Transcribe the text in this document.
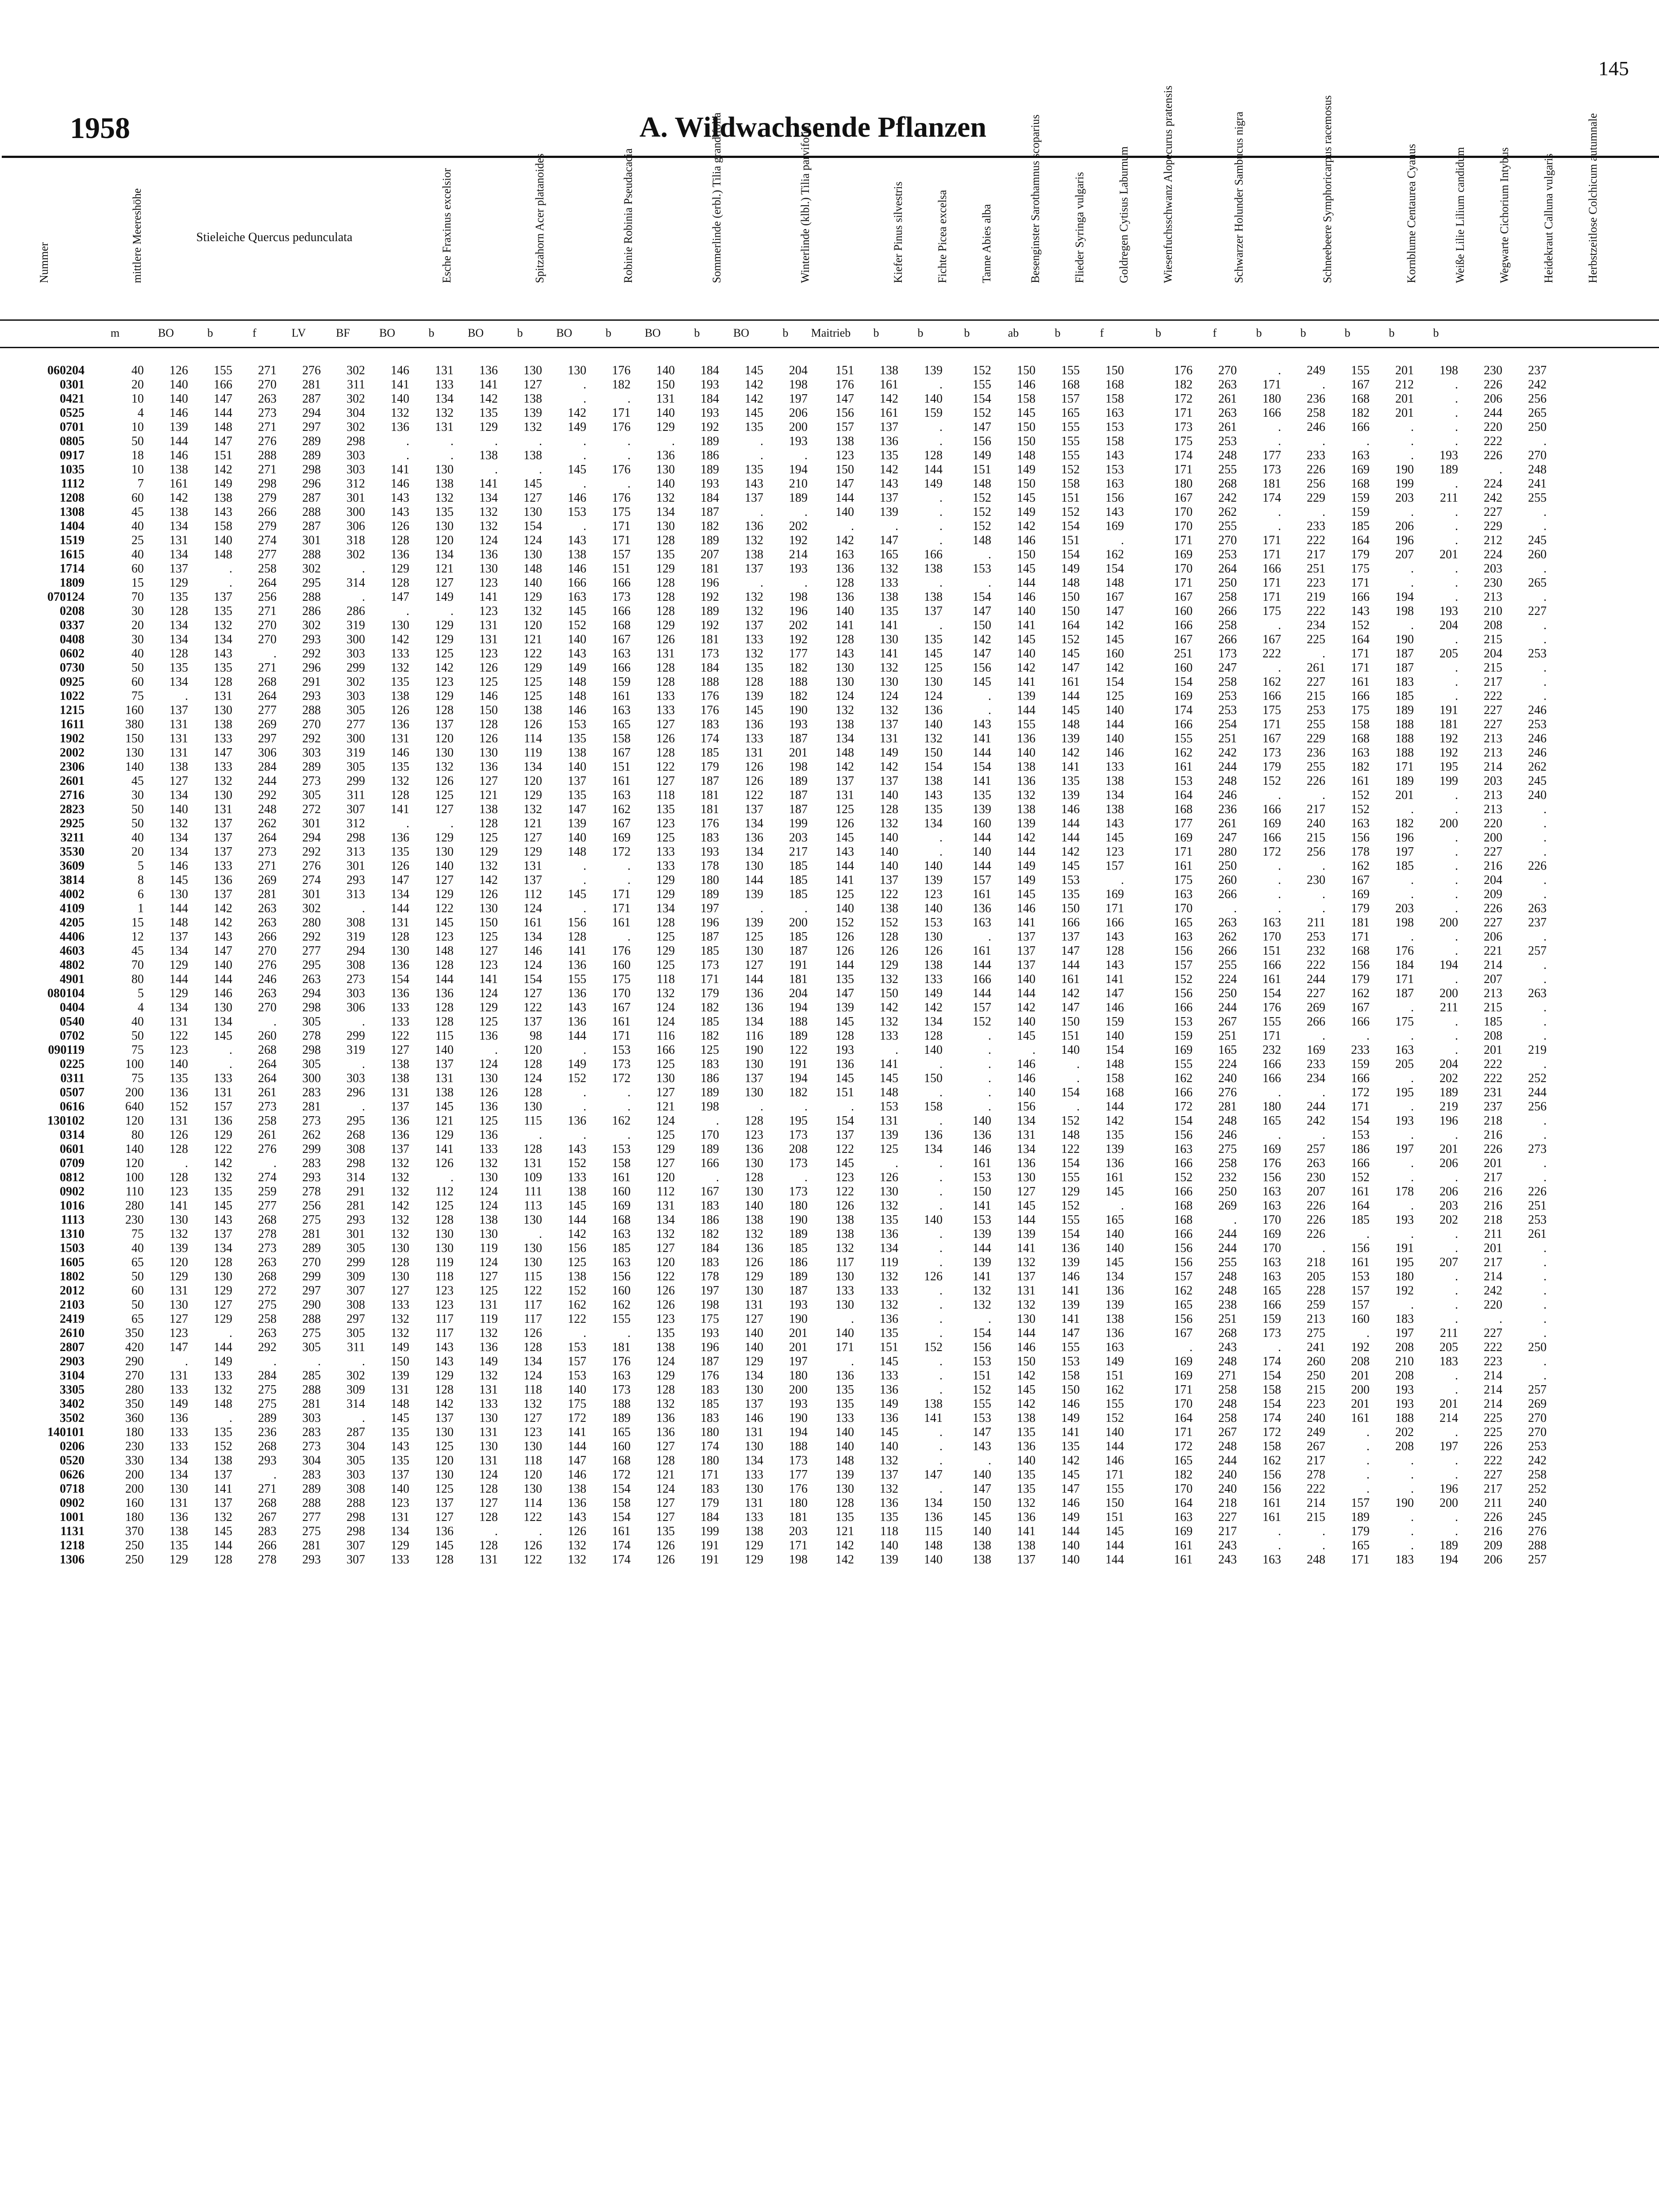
145
1958	A. Wildwachsende Pflanzen
Nummer	mittlere Meereshöhe	Stieleiche Quercus pedunculata	Esche Fraxinus excelsior	Spitzahorn Acer platanoides	Robinie Robinia Pseudacacia	Sommerlinde (erbl.) Tilia grandifolia	Winterlinde (klbl.) Tilia parvifolia	Kiefer Pinus silvestris	Fichte Picea excelsa	Tanne Abies alba	Besenginster Sarothamnus scoparius	Flieder Syringa vulgaris	Goldregen Cytisus Laburnum	Wiesenfuchsschwanz Alopecurus pratensis	Schwarzer Holunder Sambucus nigra	Schneebeere Symphoricarpus racemosus	Kornblume Centaurea Cyanus	Weiße Lilie Lilium candidum	Wegwarte Cichorium Intybus	Heidekraut Calluna vulgaris	Herbstzeitlose Colchicum autumnale
m	BO	b	f	LV	BF	BO	b	BO	b	BO	b	BO	b	BO	b	Maitrieb	b	b	b	ab	b	f	b	f	b	b	b	b	b
060204	40	126	155	271	276	302	146	131	136	130	130	176	140	184	145	204	151	138	139	152	150	155	150	176	270	.	249	155	201	198	230	237
0301	20	140	166	270	281	311	141	133	141	127	.	182	150	193	142	198	176	161	.	155	146	168	168	182	263	171	.	167	212	.	226	242
0421	10	140	147	263	287	302	140	134	142	138	.	.	131	184	142	197	147	142	140	154	158	157	158	172	261	180	236	168	201	.	206	256
0525	4	146	144	273	294	304	132	132	135	139	142	171	140	193	145	206	156	161	159	152	145	165	163	171	263	166	258	182	201	.	244	265
0701	10	139	148	271	297	302	136	131	129	132	149	176	129	192	135	200	157	137	.	147	150	155	153	173	261	.	246	166	.	.	220	250
0805	50	144	147	276	289	298	.	.	.	.	.	.	.	189	.	193	138	136	.	156	150	155	158	175	253	.	.	.	.	.	222	.
0917	18	146	151	288	289	303	.	.	138	138	.	.	136	186	.	.	123	135	128	149	148	155	143	174	248	177	233	163	.	193	226	270
1035	10	138	142	271	298	303	141	130	.	.	145	176	130	189	135	194	150	142	144	151	149	152	153	171	255	173	226	169	190	189	.	248
1112	7	161	149	298	296	312	146	138	141	145	.	.	140	193	143	210	147	143	149	148	150	158	163	180	268	181	256	168	199	.	224	241
1208	60	142	138	279	287	301	143	132	134	127	146	176	132	184	137	189	144	137	.	152	145	151	156	167	242	174	229	159	203	211	242	255
1308	45	138	143	266	288	300	143	135	132	130	153	175	134	187	.	.	140	139	.	152	149	152	143	170	262	.	.	159	.	.	227	.
1404	40	134	158	279	287	306	126	130	132	154	.	171	130	182	136	202	.	.	.	152	142	154	169	170	255	.	233	185	206	.	229	.
1519	25	131	140	274	301	318	128	120	124	124	143	171	128	189	132	192	142	147	.	148	146	151	.	171	270	171	222	164	196	.	212	245
1615	40	134	148	277	288	302	136	134	136	130	138	157	135	207	138	214	163	165	166	.	150	154	162	169	253	171	217	179	207	201	224	260
1714	60	137	.	258	302	.	129	121	130	148	146	151	129	181	137	193	136	132	138	153	145	149	154	170	264	166	251	175	.	.	203	.
1809	15	129	.	264	295	314	128	127	123	140	166	166	128	196	.	.	128	133	.	.	144	148	148	171	250	171	223	171	.	.	230	265
070124	70	135	137	256	288	.	147	149	141	129	163	173	128	192	132	198	136	138	138	154	146	150	167	167	258	171	219	166	194	.	213	.
0208	30	128	135	271	286	286	.	.	123	132	145	166	128	189	132	196	140	135	137	147	140	150	147	160	266	175	222	143	198	193	210	227
0337	20	134	132	270	302	319	130	129	131	120	152	168	129	192	137	202	141	141	.	150	141	164	142	166	258	.	234	152	.	204	208	.
0408	30	134	134	270	293	300	142	129	131	121	140	167	126	181	133	192	128	130	135	142	145	152	145	167	266	167	225	164	190	.	215	.
0602	40	128	143	.	292	303	133	125	123	122	143	163	131	173	132	177	143	141	145	147	140	145	160	251	173	222	.	171	187	205	204	253
0730	50	135	135	271	296	299	132	142	126	129	149	166	128	184	135	182	130	132	125	156	142	147	142	160	247	.	261	171	187	.	215	.
0925	60	134	128	268	291	302	135	123	125	125	148	159	128	188	128	188	130	130	130	145	141	161	154	154	258	162	227	161	183	.	217	.
1022	75	.	131	264	293	303	138	129	146	125	148	161	133	176	139	182	124	124	124	.	139	144	125	169	253	166	215	166	185	.	222	.
1215	160	137	130	277	288	305	126	128	150	138	146	163	133	176	145	190	132	132	136	.	144	145	140	174	253	175	253	175	189	191	227	246
1611	380	131	138	269	270	277	136	137	128	126	153	165	127	183	136	193	138	137	140	143	155	148	144	166	254	171	255	158	188	181	227	253
1902	150	131	133	297	292	300	131	120	126	114	135	158	126	174	133	187	134	131	132	141	136	139	140	155	251	167	229	168	188	192	213	246
2002	130	131	147	306	303	319	146	130	130	119	138	167	128	185	131	201	148	149	150	144	140	142	146	162	242	173	236	163	188	192	213	246
2306	140	138	133	284	289	305	135	132	136	134	140	151	122	179	126	198	142	142	154	154	138	141	133	161	244	179	255	182	171	195	214	262
2601	45	127	132	244	273	299	132	126	127	120	137	161	127	187	126	189	137	137	138	141	136	135	138	153	248	152	226	161	189	199	203	245
2716	30	134	130	292	305	311	128	125	121	129	135	163	118	181	122	187	131	140	143	135	132	139	134	164	246	.	.	152	201	.	213	240
2823	50	140	131	248	272	307	141	127	138	132	147	162	135	181	137	187	125	128	135	139	138	146	138	168	236	166	217	152	.	.	213	.
2925	50	132	137	262	301	312	.	.	128	121	139	167	123	176	134	199	126	132	134	160	139	144	143	177	261	169	240	163	182	200	220	.
3211	40	134	137	264	294	298	136	129	125	127	140	169	125	183	136	203	145	140	.	144	142	144	145	169	247	166	215	156	196	.	200	.
3530	20	134	137	273	292	313	135	130	129	129	148	172	133	193	134	217	143	140	.	140	144	142	123	171	280	172	256	178	197	.	227	.
3609	5	146	133	271	276	301	126	140	132	131	.	.	133	178	130	185	144	140	140	144	149	145	157	161	250	.	.	162	185	.	216	226
3814	8	145	136	269	274	293	147	127	142	137	.	.	129	180	144	185	141	137	139	157	149	153	.	175	260	.	230	167	.	.	204	.
4002	6	130	137	281	301	313	134	129	126	112	145	171	129	189	139	185	125	122	123	161	145	135	169	163	266	.	.	169	.	.	209	.
4109	1	144	142	263	302	.	144	122	130	124	.	171	134	197	.	.	140	138	140	136	146	150	171	170	.	.	.	179	203	.	226	263
4205	15	148	142	263	280	308	131	145	150	161	156	161	128	196	139	200	152	152	153	163	141	166	166	165	263	163	211	181	198	200	227	237
4406	12	137	143	266	292	319	128	123	125	134	128	.	125	187	125	185	126	128	130	.	137	137	143	163	262	170	253	171	.	.	206	.
4603	45	134	147	270	277	294	130	148	127	146	141	176	129	185	130	187	126	126	126	161	137	147	128	156	266	151	232	168	176	.	221	257
4802	70	129	140	276	295	308	136	128	123	124	136	160	125	173	127	191	144	129	138	144	137	144	143	157	255	166	222	156	184	194	214	.
4901	80	144	144	246	263	273	154	144	141	154	155	175	118	171	144	181	135	132	133	166	140	161	141	152	224	161	244	179	171	.	207	.
080104	5	129	146	263	294	303	136	136	124	127	136	170	132	179	136	204	147	150	149	144	144	142	147	156	250	154	227	162	187	200	213	263
0404	4	134	130	270	298	306	133	128	129	122	143	167	124	182	136	194	139	142	142	157	142	147	146	166	244	176	269	167	.	211	215	.
0540	40	131	134	.	305	.	133	128	125	137	136	161	124	185	134	188	145	132	134	152	140	150	159	153	267	155	266	166	175	.	185	.
0702	50	122	145	260	278	299	122	115	136	98	144	171	116	182	116	189	128	133	128	.	145	151	140	159	251	171	.	.	.	.	208	.
090119	75	123	.	268	298	319	127	140	.	120	.	153	166	125	190	122	193	.	140	.	.	140	154	169	165	232	169	233	163	.	201	219
0225	100	140	.	264	305	.	138	137	124	128	149	173	125	183	130	191	136	141	.	.	146	.	148	155	224	166	233	159	205	204	222	.
0311	75	135	133	264	300	303	138	131	130	124	152	172	130	186	137	194	145	145	150	.	146	.	158	162	240	166	234	166	.	202	222	252
0507	200	136	131	261	283	296	131	138	126	128	.	.	127	189	130	182	151	148	.	.	140	154	168	166	276	.	.	172	195	189	231	244
0616	640	152	157	273	281	.	137	145	136	130	.	.	121	198	.	.	.	153	158	.	156	.	144	172	281	180	244	171	.	219	237	256
130102	120	131	136	258	273	295	136	121	125	115	136	162	124	.	128	195	154	131	.	140	134	152	142	154	248	165	242	154	193	196	218	.
0314	80	126	129	261	262	268	136	129	136	.	.	.	125	170	123	173	137	139	136	136	131	148	135	156	246	.	.	153	.	.	216	.
0601	140	128	122	276	299	308	137	141	133	128	143	153	129	189	136	208	122	125	134	146	134	122	139	163	275	169	257	186	197	201	226	273
0709	120	.	142	.	283	298	132	126	132	131	152	158	127	166	130	173	145	.	.	161	136	154	136	166	258	176	263	166	.	206	201	.
0812	100	128	132	274	293	314	132	.	130	109	133	161	120	.	128	.	123	126	.	153	130	155	161	152	232	156	230	152	.	.	217	.
0902	110	123	135	259	278	291	132	112	124	111	138	160	112	167	130	173	122	130	.	150	127	129	145	166	250	163	207	161	178	206	216	226
1016	280	141	145	277	256	281	142	125	124	113	145	169	131	183	140	180	126	132	.	141	145	152	.	168	269	163	226	164	.	203	216	251
1113	230	130	143	268	275	293	132	128	138	130	144	168	134	186	138	190	138	135	140	153	144	155	165	168	.	170	226	185	193	202	218	253
1310	75	132	137	278	281	301	132	130	130	.	142	163	132	182	132	189	138	136	.	139	139	154	140	166	244	169	226	.	.	.	211	261
1503	40	139	134	273	289	305	130	130	119	130	156	185	127	184	136	185	132	134	.	144	141	136	140	156	244	170	.	156	191	.	201	.
1605	65	120	128	263	270	299	128	119	124	130	125	163	120	183	126	186	117	119	.	139	132	139	145	156	255	163	218	161	195	207	217	.
1802	50	129	130	268	299	309	130	118	127	115	138	156	122	178	129	189	130	132	126	141	137	146	134	157	248	163	205	153	180	.	214	.
2012	60	131	129	272	297	307	127	123	125	122	152	160	126	197	130	187	133	133	.	132	131	141	136	162	248	165	228	157	192	.	242	.
2103	50	130	127	275	290	308	133	123	131	117	162	162	126	198	131	193	130	132	.	132	132	139	139	165	238	166	259	157	.	.	220	.
2419	65	127	129	258	288	297	132	117	119	117	122	155	123	175	127	190	.	136	.	.	130	141	138	156	251	159	213	160	183	.	.	.
2610	350	123	.	263	275	305	132	117	132	126	.	.	135	193	140	201	140	135	.	154	144	147	136	167	268	173	275	.	197	211	227	.
2807	420	147	144	292	305	311	149	143	136	128	153	181	138	196	140	201	171	151	152	156	146	155	163	.	243	.	241	192	208	205	222	250
2903	290	.	149	.	.	.	150	143	149	134	157	176	124	187	129	197	.	145	.	153	150	153	149	169	248	174	260	208	210	183	223	.
3104	270	131	133	284	285	302	139	129	132	124	153	163	129	176	134	180	136	133	.	151	142	158	151	169	271	154	250	201	208	.	214	.
3305	280	133	132	275	288	309	131	128	131	118	140	173	128	183	130	200	135	136	.	152	145	150	162	171	258	158	215	200	193	.	214	257
3402	350	149	148	275	281	314	148	142	133	132	175	188	132	185	137	193	135	149	138	155	142	146	155	170	248	154	223	201	193	201	214	269
3502	360	136	.	289	303	.	145	137	130	127	172	189	136	183	146	190	133	136	141	153	138	149	152	164	258	174	240	161	188	214	225	270
140101	180	133	135	236	283	287	135	130	131	123	141	165	136	180	131	194	140	145	.	147	135	141	140	171	267	172	249	.	202	.	225	270
0206	230	133	152	268	273	304	143	125	130	130	144	160	127	174	130	188	140	140	.	143	136	135	144	172	248	158	267	.	208	197	226	253
0520	330	134	138	293	304	305	135	120	131	118	147	168	128	180	134	173	148	132	.	.	140	142	146	165	244	162	217	.	.	.	222	242
0626	200	134	137	.	283	303	137	130	124	120	146	172	121	171	133	177	139	137	147	140	135	145	171	182	240	156	278	.	.	.	227	258
0718	200	130	141	271	289	308	140	125	128	130	138	154	124	183	130	176	130	132	.	147	135	147	155	170	240	156	222	.	.	196	217	252
0902	160	131	137	268	288	288	123	137	127	114	136	158	127	179	131	180	128	136	134	150	132	146	150	164	218	161	214	157	190	200	211	240
1001	180	136	132	267	277	298	131	127	128	122	143	154	127	184	133	181	135	135	136	145	136	149	151	163	227	161	215	189	.	.	226	245
1131	370	138	145	283	275	298	134	136	.	.	126	161	135	199	138	203	121	118	115	140	141	144	145	169	217	.	.	179	.	.	216	276
1218	250	135	144	266	281	307	129	145	128	126	132	174	126	191	129	171	142	140	148	138	138	140	144	161	243	.	.	165	.	189	209	288
1306	250	129	128	278	293	307	133	128	131	122	132	174	126	191	129	198	142	139	140	138	137	140	144	161	243	163	248	171	183	194	206	257
